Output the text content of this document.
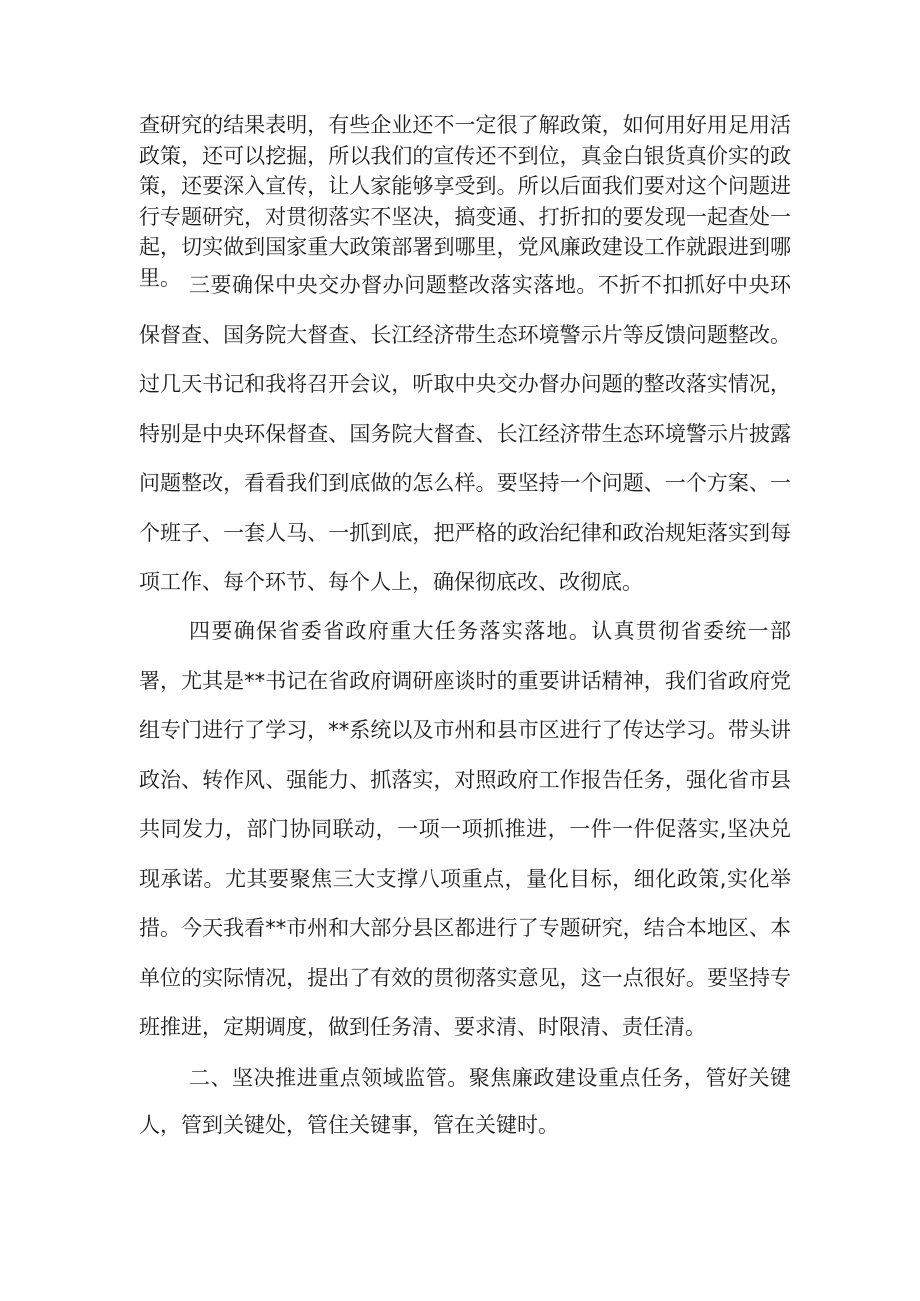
查研究的结果表明，有些企业还不一定很了解政策，如何用好用足用活政策，还可以挖掘，所以我们的宣传还不到位，真金白银货真价实的政策，还要深入宣传，让人家能够享受到。所以后面我们要对这个问题进行专题研究，对贯彻落实不坚决，搞变通、打折扣的要发现一起查处一起，切实做到国家重大政策部署到哪里，党风廉政建设工作就跟进到哪里。 三要确保中央交办督办问题整改落实落地。不折不扣抓好中央环保督查、国务院大督查、长江经济带生态环境警示片等反馈问题整改。过几天书记和我将召开会议，听取中央交办督办问题的整改落实情况，特别是中央环保督查、国务院大督查、长江经济带生态环境警示片披露问题整改，看看我们到底做的怎么样。要坚持一个问题、一个方案、一个班子、一套人马、一抓到底，把严格的政治纪律和政治规矩落实到每项工作、每个环节、每个人上，确保彻底改、改彻底。

四要确保省委省政府重大任务落实落地。认真贯彻省委统一部署，尤其是**书记在省政府调研座谈时的重要讲话精神，我们省政府党组专门进行了学习，**系统以及市州和县市区进行了传达学习。带头讲政治、转作风、强能力、抓落实，对照政府工作报告任务，强化省市县共同发力，部门协同联动，一项一项抓推进，一件一件促落实,坚决兑现承诺。尤其要聚焦三大支撑八项重点，量化目标，细化政策,实化举措。今天我看**市州和大部分县区都进行了专题研究，结合本地区、本单位的实际情况，提出了有效的贯彻落实意见，这一点很好。要坚持专班推进，定期调度，做到任务清、要求清、时限清、责任清。

二、坚决推进重点领域监管。聚焦廉政建设重点任务，管好关键人，管到关键处，管住关键事，管在关键时。
